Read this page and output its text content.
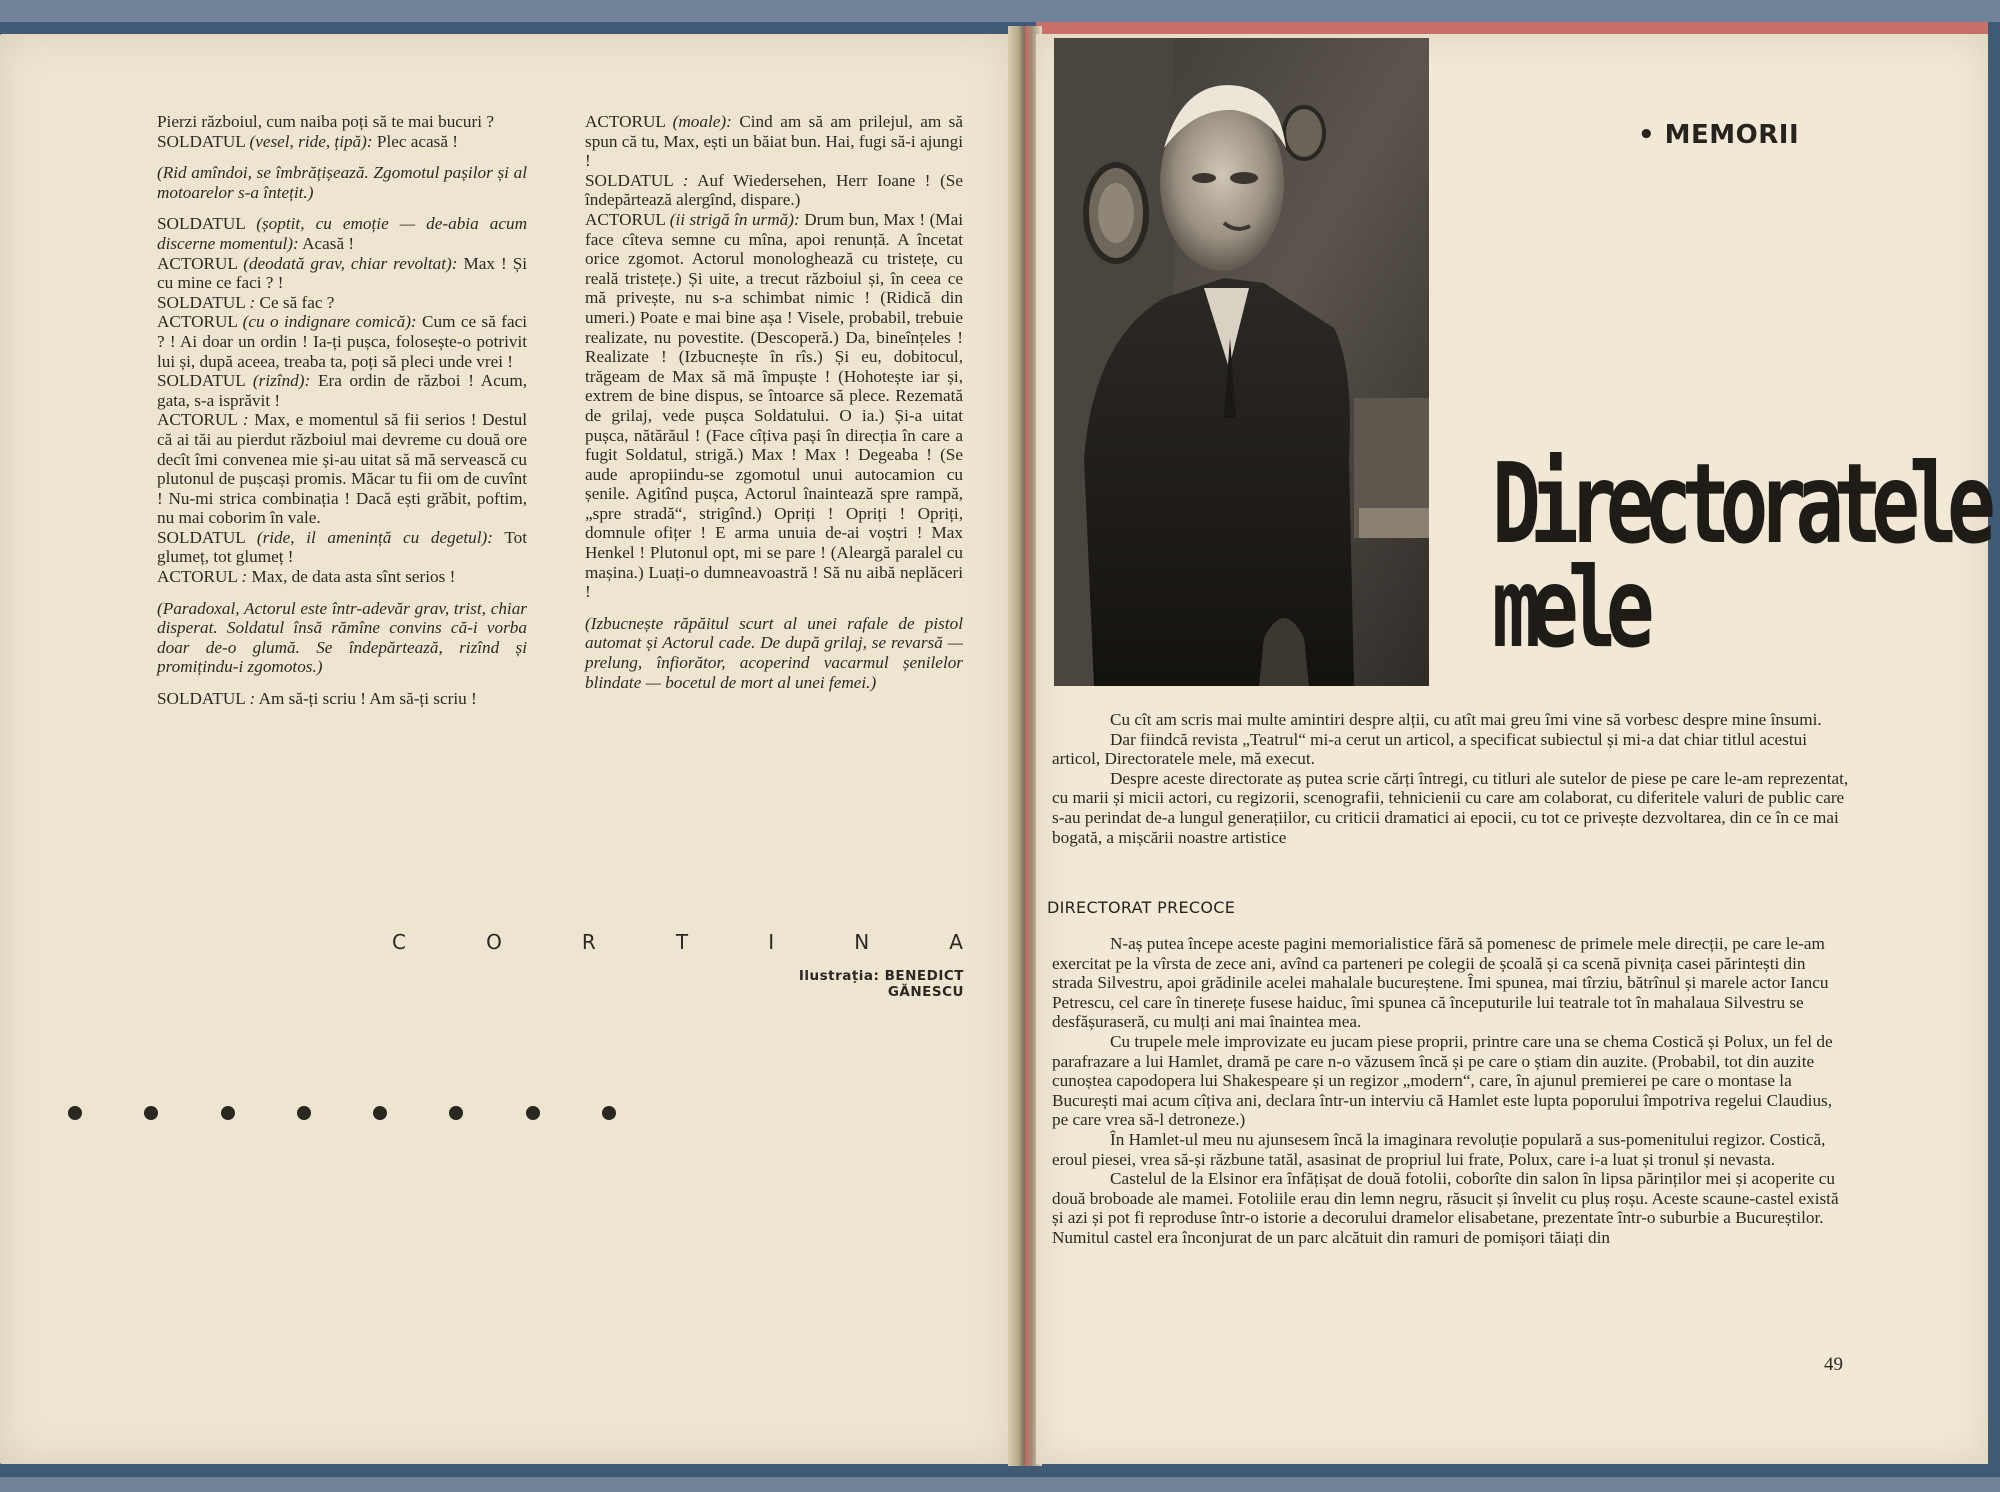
Pierzi războiul, cum naiba poți să te mai bucuri ?

SOLDATUL (vesel, ride, țipă): Plec acasă !

(Rid amîndoi, se îmbrățișează. Zgomotul pașilor și al motoarelor s-a întețit.)

SOLDATUL (șoptit, cu emoție — de-abia acum discerne momentul): Acasă !

ACTORUL (deodată grav, chiar revoltat): Max ! Și cu mine ce faci ? !

SOLDATUL : Ce să fac ?

ACTORUL (cu o indignare comică): Cum ce să faci ? ! Ai doar un ordin ! Ia-ți pușca, folosește-o potrivit lui și, după aceea, treaba ta, poți să pleci unde vrei !

SOLDATUL (rizînd): Era ordin de război ! Acum, gata, s-a isprăvit !

ACTORUL : Max, e momentul să fii serios ! Destul că ai tăi au pierdut războiul mai devreme cu două ore decît îmi convenea mie și-au uitat să mă servească cu plutonul de pușcași promis. Măcar tu fii om de cuvînt ! Nu-mi strica combinația ! Dacă ești grăbit, poftim, nu mai coborim în vale.

SOLDATUL (ride, il amenință cu degetul): Tot glumeț, tot glumeț !

ACTORUL : Max, de data asta sînt serios !

(Paradoxal, Actorul este într-adevăr grav, trist, chiar disperat. Soldatul însă rămîne convins că-i vorba doar de-o glumă. Se îndepărtează, rizînd și promițindu-i zgomotos.)

SOLDATUL : Am să-ți scriu ! Am să-ți scriu !

ACTORUL (moale): Cind am să am prilejul, am să spun că tu, Max, ești un băiat bun. Hai, fugi să-i ajungi !

SOLDATUL : Auf Wiedersehen, Herr Ioane ! (Se îndepărtează alergînd, dispare.)

ACTORUL (ii strigă în urmă): Drum bun, Max ! (Mai face cîteva semne cu mîna, apoi renunță. A încetat orice zgomot. Actorul monologhează cu tristețe, cu reală tristețe.) Și uite, a trecut războiul și, în ceea ce mă privește, nu s-a schimbat nimic ! (Ridică din umeri.) Poate e mai bine așa ! Visele, probabil, trebuie realizate, nu povestite. (Descoperă.) Da, bineînțeles ! Realizate ! (Izbucnește în rîs.) Și eu, dobitocul, trăgeam de Max să mă împuște ! (Hohotește iar și, extrem de bine dispus, se întoarce să plece. Rezemată de grilaj, vede pușca Soldatului. O ia.) Și-a uitat pușca, nătărăul ! (Face cîțiva pași în direcția în care a fugit Soldatul, strigă.) Max ! Max ! Degeaba ! (Se aude apropiindu-se zgomotul unui autocamion cu șenile. Agitînd pușca, Actorul înaintează spre rampă, „spre stradă“, strigînd.) Opriți ! Opriți ! Opriți, domnule ofițer ! E arma unuia de-ai voștri ! Max Henkel ! Plutonul opt, mi se pare ! (Aleargă paralel cu mașina.) Luați-o dumneavoastră ! Să nu aibă neplăceri !

(Izbucnește răpăitul scurt al unei rafale de pistol automat și Actorul cade. De după grilaj, se revarsă — prelung, înfiorător, acoperind vacarmul șenilelor blindate — bocetul de mort al unei femei.)

C	O	R	T	I	N	A
Ilustrația: BENEDICT GĂNESCU
• MEMORII
Directoratele
mele

Cu cît am scris mai multe amintiri despre alții, cu atît mai greu îmi vine să vorbesc despre mine însumi.

Dar fiindcă revista „Teatrul“ mi-a cerut un articol, a specificat subiectul și mi-a dat chiar titlul acestui articol, Directoratele mele, mă execut.

Despre aceste directorate aș putea scrie cărți întregi, cu titluri ale sutelor de piese pe care le-am reprezentat, cu marii și micii actori, cu regizorii, scenografii, tehnicienii cu care am colaborat, cu diferitele valuri de public care s-au perindat de-a lungul generațiilor, cu criticii dramatici ai epocii, cu tot ce privește dezvoltarea, din ce în ce mai bogată, a mișcării noastre artistice

DIRECTORAT PRECOCE

N-aș putea începe aceste pagini memorialistice fără să pomenesc de primele mele direcții, pe care le-am exercitat pe la vîrsta de zece ani, avînd ca parteneri pe colegii de școală și ca scenă pivnița casei părintești din strada Silvestru, apoi grădinile acelei mahalale bucureștene. Îmi spunea, mai tîrziu, bătrînul și marele actor Iancu Petrescu, cel care în tinerețe fusese haiduc, îmi spunea că începuturile lui teatrale tot în mahalaua Silvestru se desfășuraseră, cu mulți ani mai înaintea mea.

Cu trupele mele improvizate eu jucam piese proprii, printre care una se chema Costică și Polux, un fel de parafrazare a lui Hamlet, dramă pe care n-o văzusem încă și pe care o știam din auzite. (Probabil, tot din auzite cunoștea capodopera lui Shakespeare și un regizor „modern“, care, în ajunul premierei pe care o montase la București mai acum cîțiva ani, declara într-un interviu că Hamlet este lupta poporului împotriva regelui Claudius, pe care vrea să-l detroneze.)

În Hamlet-ul meu nu ajunsesem încă la imaginara revoluție populară a sus-pomenitului regizor. Costică, eroul piesei, vrea să-și răzbune tatăl, asasinat de propriul lui frate, Polux, care i-a luat și tronul și nevasta.

Castelul de la Elsinor era înfățișat de două fotolii, coborîte din salon în lipsa părinților mei și acoperite cu două broboade ale mamei. Fotoliile erau din lemn negru, răsucit și învelit cu pluș roșu. Aceste scaune-castel există și azi și pot fi reproduse într-o istorie a decorului dramelor elisabetane, prezentate într-o suburbie a Bucureștilor. Numitul castel era înconjurat de un parc alcătuit din ramuri de pomișori tăiați din

49
